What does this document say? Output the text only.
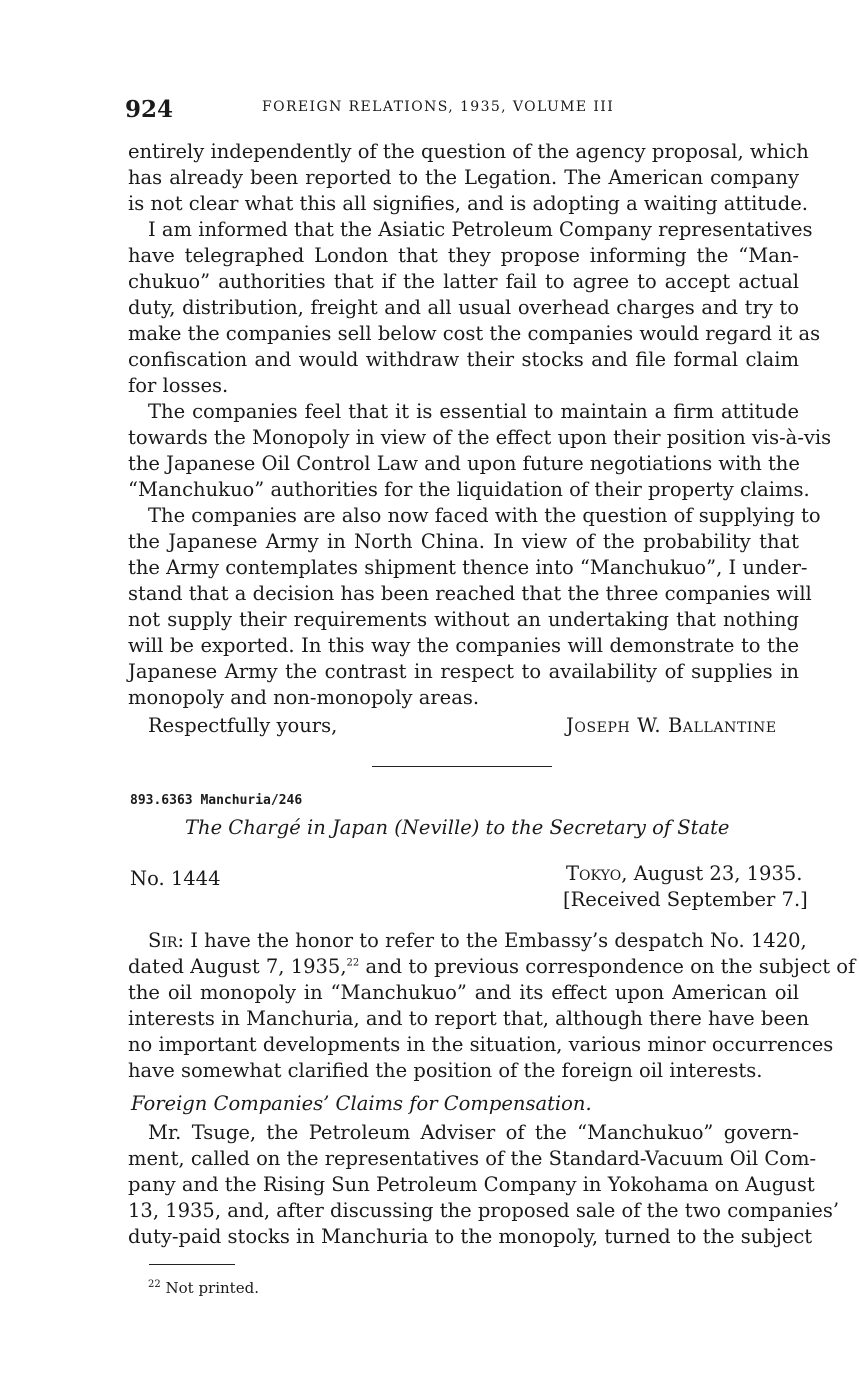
924	FOREIGN RELATIONS, 1935, VOLUME III
entirely independently of the question of the agency proposal, which
has already been reported to the Legation. The American company
is not clear what this all signifies, and is adopting a waiting attitude.
I am informed that the Asiatic Petroleum Company representatives
have telegraphed London that they propose informing the “Man-
chukuo” authorities that if the latter fail to agree to accept actual
duty, distribution, freight and all usual overhead charges and try to
make the companies sell below cost the companies would regard it as
confiscation and would withdraw their stocks and file formal claim
for losses.
The companies feel that it is essential to maintain a firm attitude
towards the Monopoly in view of the effect upon their position vis-à-vis
the Japanese Oil Control Law and upon future negotiations with the
“Manchukuo” authorities for the liquidation of their property claims.
The companies are also now faced with the question of supplying to
the Japanese Army in North China. In view of the probability that
the Army contemplates shipment thence into “Manchukuo”, I under-
stand that a decision has been reached that the three companies will
not supply their requirements without an undertaking that nothing
will be exported. In this way the companies will demonstrate to the
Japanese Army the contrast in respect to availability of supplies in
monopoly and non-monopoly areas.
Respectfully yours,	Joseph W. Ballantine
893.6363 Manchuria/246
The Chargé in Japan (Neville) to the Secretary of State
No. 1444	Tokyo, August 23, 1935.
[Received September 7.]
Sir: I have the honor to refer to the Embassy’s despatch No. 1420,
dated August 7, 1935,22 and to previous correspondence on the subject of
the oil monopoly in “Manchukuo” and its effect upon American oil
interests in Manchuria, and to report that, although there have been
no important developments in the situation, various minor occurrences
have somewhat clarified the position of the foreign oil interests.
Foreign Companies’ Claims for Compensation.
Mr. Tsuge, the Petroleum Adviser of the “Manchukuo” govern-
ment, called on the representatives of the Standard-Vacuum Oil Com-
pany and the Rising Sun Petroleum Company in Yokohama on August
13, 1935, and, after discussing the proposed sale of the two companies’
duty-paid stocks in Manchuria to the monopoly, turned to the subject
$^{22}$ Not printed.
